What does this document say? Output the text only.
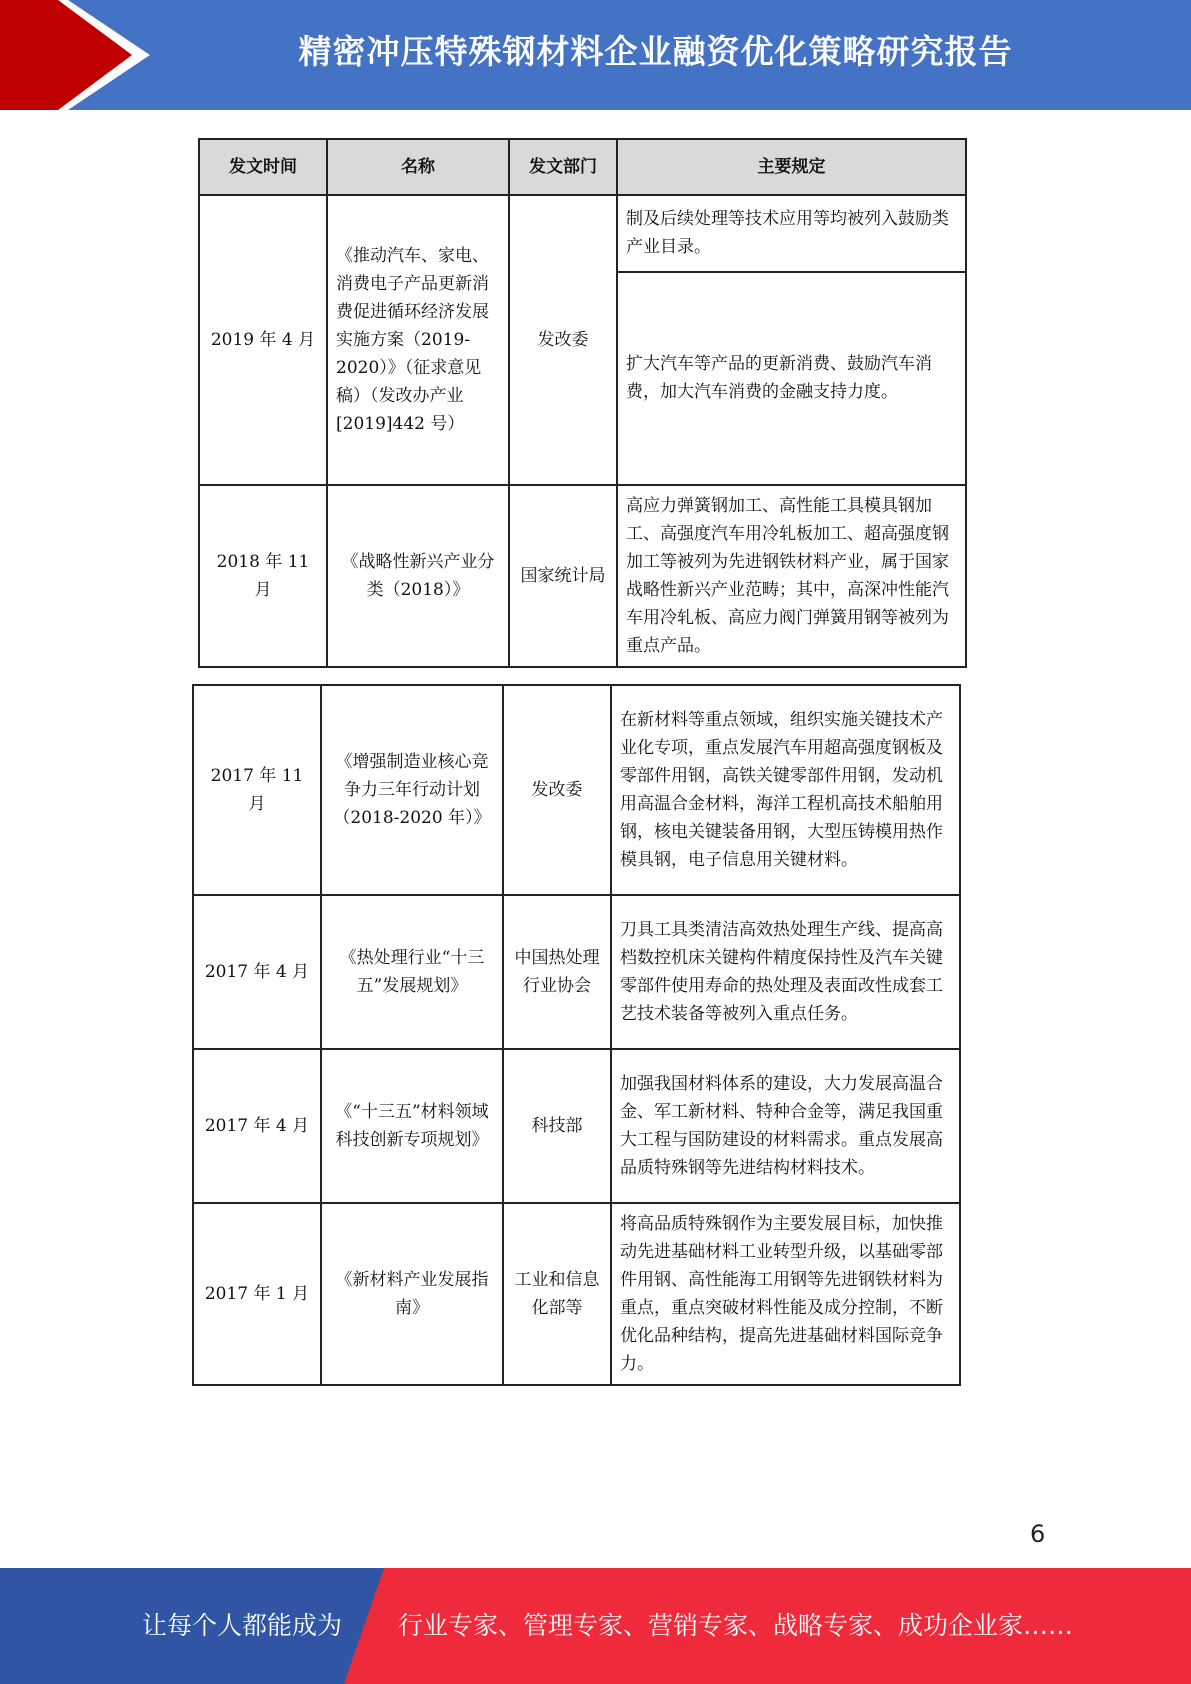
精密冲压特殊钢材料企业融资优化策略研究报告
发文时间	名称	发文部门	主要规定
2019 年 4 月	《推动汽车、家电、消费电子产品更新消费促进循环经济发展实施方案（2019-2020）》（征求意见稿）（发改办产业[2019]442 号）	发改委	制及后续处理等技术应用等均被列入鼓励类产业目录。
			扩大汽车等产品的更新消费、鼓励汽车消费，加大汽车消费的金融支持力度。
2018 年 11 月	《战略性新兴产业分类（2018）》	国家统计局	高应力弹簧钢加工、高性能工具模具钢加工、高强度汽车用冷轧板加工、超高强度钢加工等被列为先进钢铁材料产业，属于国家战略性新兴产业范畴；其中，高深冲性能汽车用冷轧板、高应力阀门弹簧用钢等被列为重点产品。
2017 年 11 月	《增强制造业核心竞争力三年行动计划（2018-2020 年）》	发改委	在新材料等重点领域，组织实施关键技术产业化专项，重点发展汽车用超高强度钢板及零部件用钢，高铁关键零部件用钢，发动机用高温合金材料，海洋工程机高技术船舶用钢，核电关键装备用钢，大型压铸模用热作模具钢，电子信息用关键材料。
2017 年 4 月	《热处理行业“十三五”发展规划》	中国热处理行业协会	刀具工具类清洁高效热处理生产线、提高高档数控机床关键构件精度保持性及汽车关键零部件使用寿命的热处理及表面改性成套工艺技术装备等被列入重点任务。
2017 年 4 月	《“十三五”材料领域科技创新专项规划》	科技部	加强我国材料体系的建设，大力发展高温合金、军工新材料、特种合金等，满足我国重大工程与国防建设的材料需求。重点发展高品质特殊钢等先进结构材料技术。
2017 年 1 月	《新材料产业发展指南》	工业和信息化部等	将高品质特殊钢作为主要发展目标，加快推动先进基础材料工业转型升级，以基础零部件用钢、高性能海工用钢等先进钢铁材料为重点，重点突破材料性能及成分控制，不断优化品种结构，提高先进基础材料国际竞争力。
6
让每个人都能成为 行业专家、管理专家、营销专家、战略专家、成功企业家……
